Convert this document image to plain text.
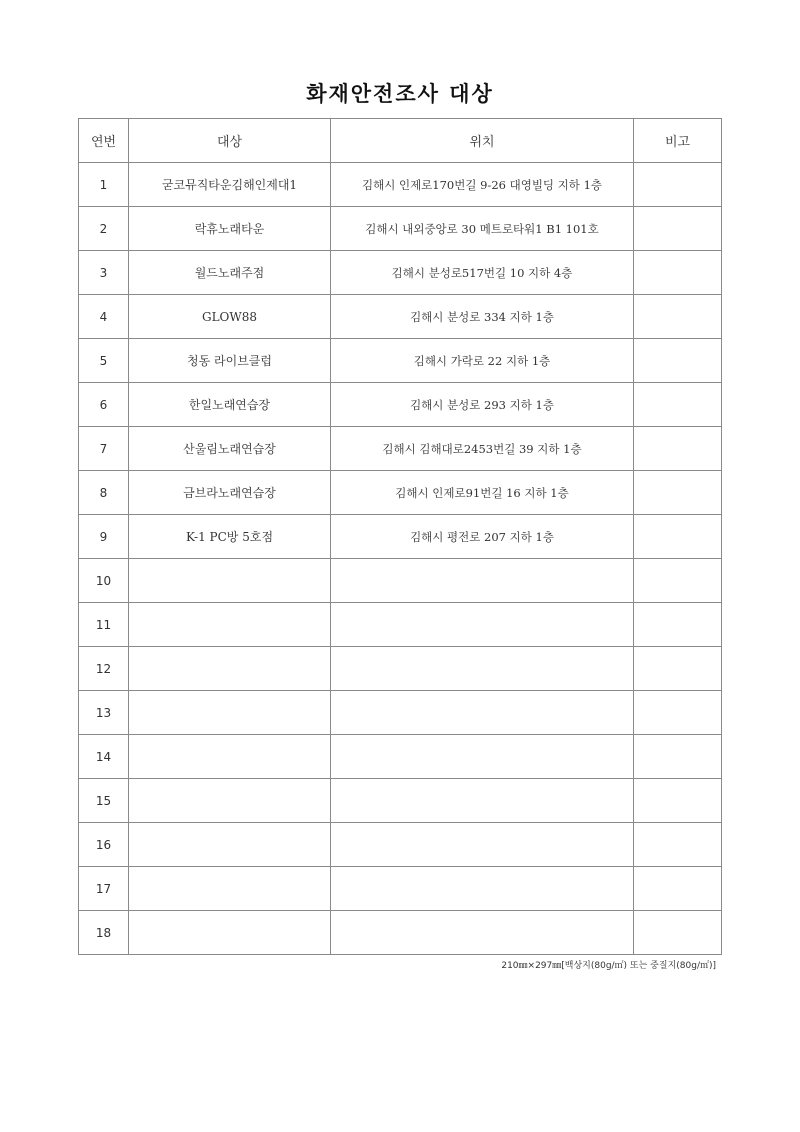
화재안전조사 대상
연번	대상	위치	비고
1	굳코뮤직타운김해인제대1	김해시 인제로170번길 9-26 대영빌딩 지하 1층	
2	락휴노래타운	김해시 내외중앙로 30 메트로타워1 B1 101호	
3	월드노래주점	김해시 분성로517번길 10 지하 4층	
4	GLOW88	김해시 분성로 334 지하 1층	
5	청동 라이브클럽	김해시 가락로 22 지하 1층	
6	한일노래연습장	김해시 분성로 293 지하 1층	
7	산울림노래연습장	김해시 김해대로2453번길 39 지하 1층	
8	금브라노래연습장	김해시 인제로91번길 16 지하 1층	
9	K-1 PC방 5호점	김해시 평전로 207 지하 1층	
10			
11			
12			
13			
14			
15			
16			
17			
18			
210㎜×297㎜[백상지(80g/㎡) 또는 중질지(80g/㎡)]
